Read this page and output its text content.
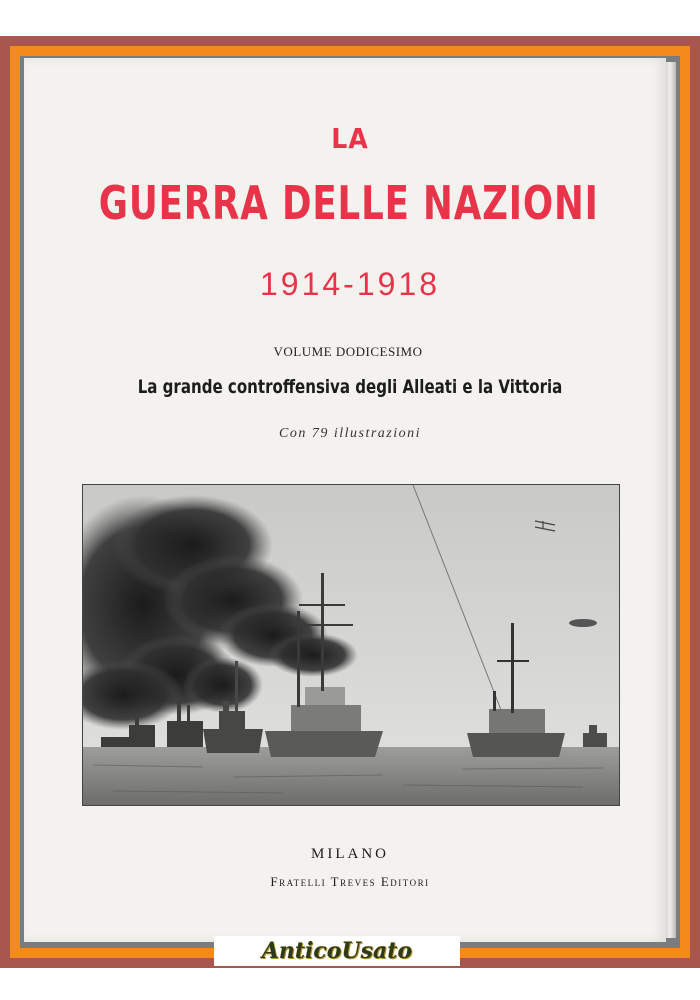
LA
GUERRA DELLE NAZIONI
1914-1918
VOLUME DODICESIMO
La grande controffensiva degli Alleati e la Vittoria
Con 79 illustrazioni
MILANO
Fratelli Treves Editori
AnticoUsato
